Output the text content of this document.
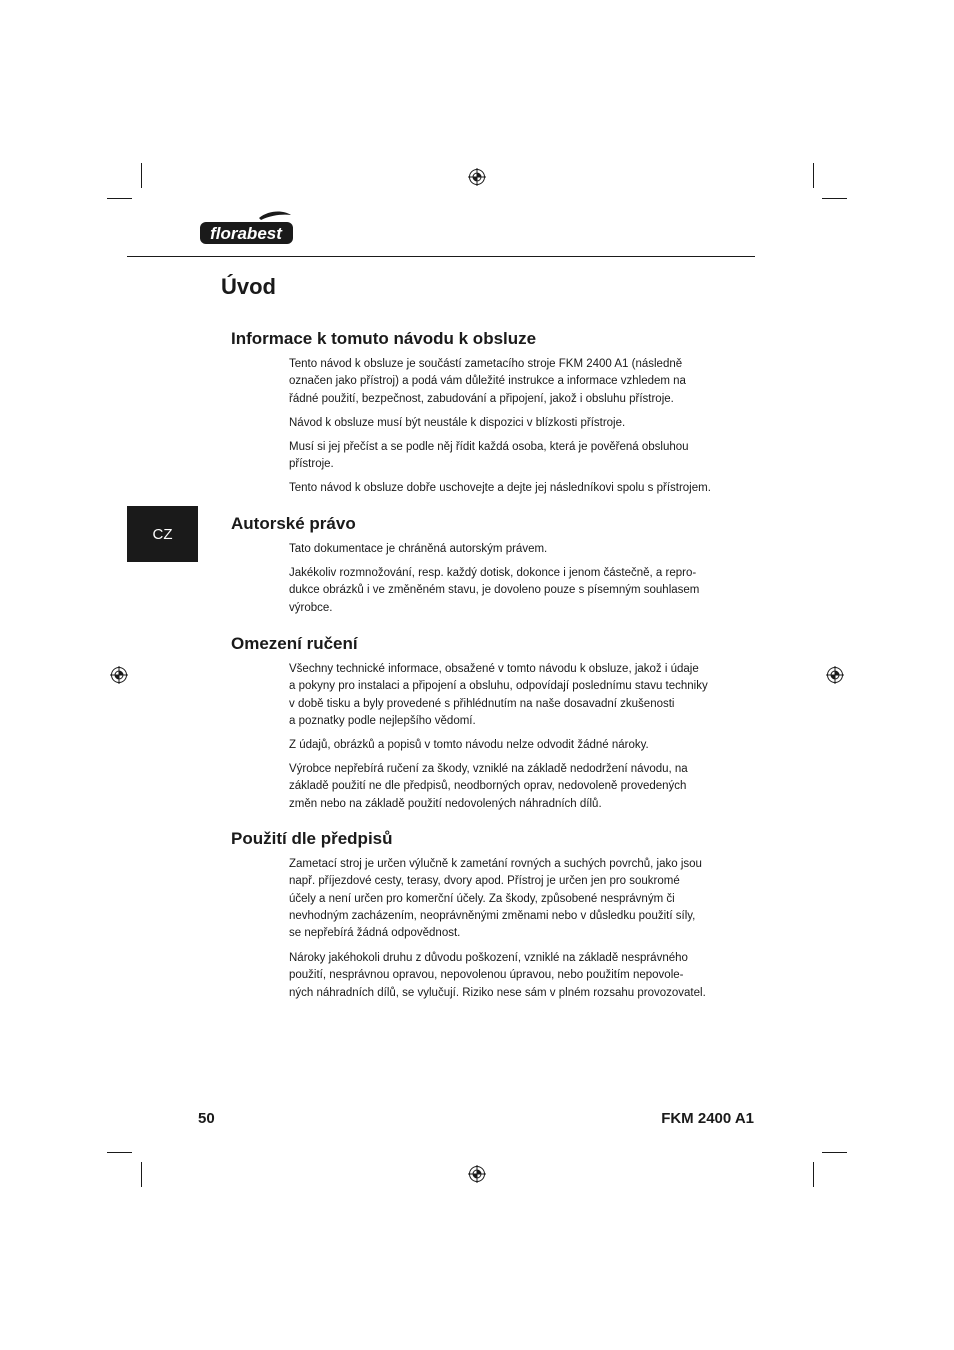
florabest
Úvod
CZ
Informace k tomuto návodu k obsluze

Tento návod k obsluze je součástí zametacího stroje FKM 2400 A1 (následně
označen jako přístroj) a podá vám důležité instrukce a informace vzhledem na
řádné použití, bezpečnost, zabudování a připojení, jakož i obsluhu přístroje.

Návod k obsluze musí být neustále k dispozici v blízkosti přístroje.

Musí si jej přečíst a se podle něj řídit každá osoba, která je pověřená obsluhou
přístroje.

Tento návod k obsluze dobře uschovejte a dejte jej následníkovi spolu s přístrojem.

Autorské právo

Tato dokumentace je chráněná autorským právem.

Jakékoliv rozmnožování, resp. každý dotisk, dokonce i jenom částečně, a repro-
dukce obrázků i ve změněném stavu, je dovoleno pouze s písemným souhlasem
výrobce.

Omezení ručení

Všechny technické informace, obsažené v tomto návodu k obsluze, jakož i údaje
a pokyny pro instalaci a připojení a obsluhu, odpovídají poslednímu stavu techniky
v době tisku a byly provedené s přihlédnutím na naše dosavadní zkušenosti
a poznatky podle nejlepšího vědomí.

Z údajů, obrázků a popisů v tomto návodu nelze odvodit žádné nároky.

Výrobce nepřebírá ručení za škody, vzniklé na základě nedodržení návodu, na
základě použití ne dle předpisů, neodborných oprav, nedovoleně provedených
změn nebo na základě použití nedovolených náhradních dílů.

Použití dle předpisů

Zametací stroj je určen výlučně k zametání rovných a suchých povrchů, jako jsou
např. příjezdové cesty, terasy, dvory apod. Přístroj je určen jen pro soukromé
účely a není určen pro komerční účely. Za škody, způsobené nesprávným či
nevhodným zacházením, neoprávněnými změnami nebo v důsledku použití síly,
se nepřebírá žádná odpovědnost.

Nároky jakéhokoli druhu z důvodu poškození, vzniklé na základě nesprávného
použití, nesprávnou opravou, nepovolenou úpravou, nebo použitím nepovole-
ných náhradních dílů, se vylučují. Riziko nese sám v plném rozsahu provozovatel.

50	FKM 2400 A1
